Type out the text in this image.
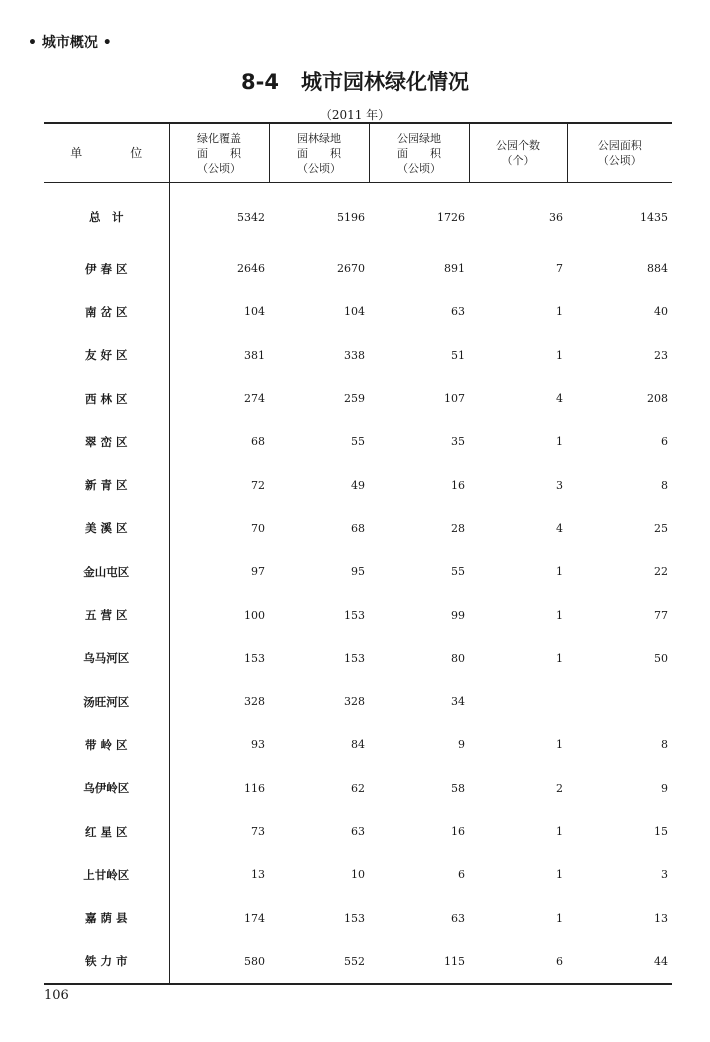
• 城市概况 •
8-4 城市园林绿化情况
（2011 年）
单　位	绿化覆盖
面　　积
（公顷）	园林绿地
面　　积
（公顷）	公园绿地
面　　积
（公顷）	公园个数
（个）	公园面积
（公顷）

总　计	5342	5196	1726	36	1435
伊 春 区	2646	2670	891	7	884
南 岔 区	104	104	63	1	40
友 好 区	381	338	51	1	23
西 林 区	274	259	107	4	208
翠 峦 区	68	55	35	1	6
新 青 区	72	49	16	3	8
美 溪 区	70	68	28	4	25
金山屯区	97	95	55	1	22
五 营 区	100	153	99	1	77
乌马河区	153	153	80	1	50
汤旺河区	328	328	34		
带 岭 区	93	84	9	1	8
乌伊岭区	116	62	58	2	9
红 星 区	73	63	16	1	15
上甘岭区	13	10	6	1	3
嘉 荫 县	174	153	63	1	13
铁 力 市	580	552	115	6	44
106
